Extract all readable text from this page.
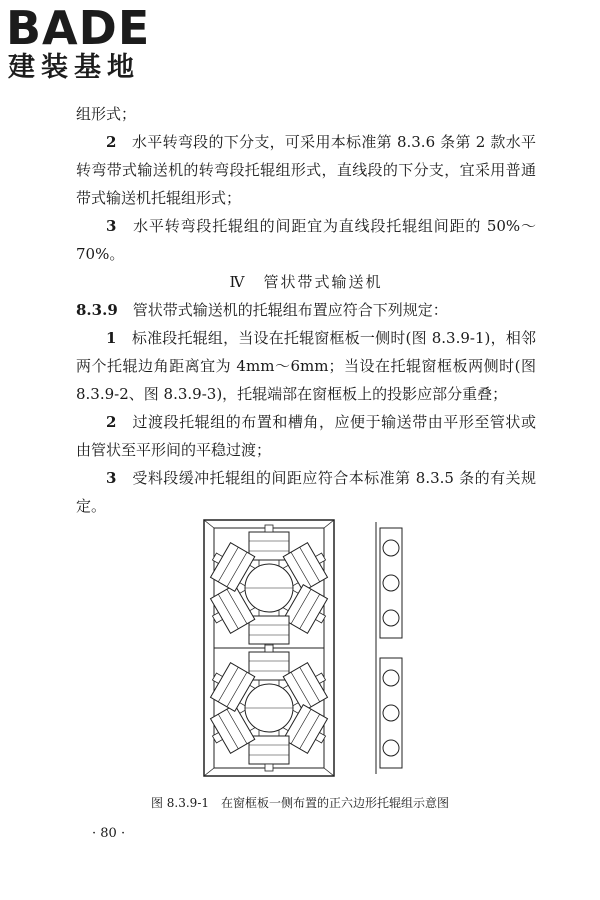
BADE
建装基地

组形式；

2　 水平转弯段的下分支，可采用本标准第 8.3.6 条第 2 款水平转弯带式输送机的转弯段托辊组形式，直线段的下分支，宜采用普通带式输送机托辊组形式；

3　 水平转弯段托辊组的间距宜为直线段托辊组间距的 50%～70%。

Ⅳ　管状带式输送机

8.3.9　 管状带式输送机的托辊组布置应符合下列规定：

1　 标准段托辊组，当设在托辊窗框板一侧时(图 8.3.9-1)，相邻两个托辊边角距离宜为 4mm～6mm；当设在托辊窗框板两侧时(图 8.3.9-2、图 8.3.9-3)，托辊端部在窗框板上的投影应部分重叠；

2　 过渡段托辊组的布置和槽角，应便于输送带由平形至管状或由管状至平形间的平稳过渡；

3　 受料段缓冲托辊组的间距应符合本标准第 8.3.5 条的有关规定。

图 8.3.9-1　在窗框板一侧布置的正六边形托辊组示意图
· 80 ·
